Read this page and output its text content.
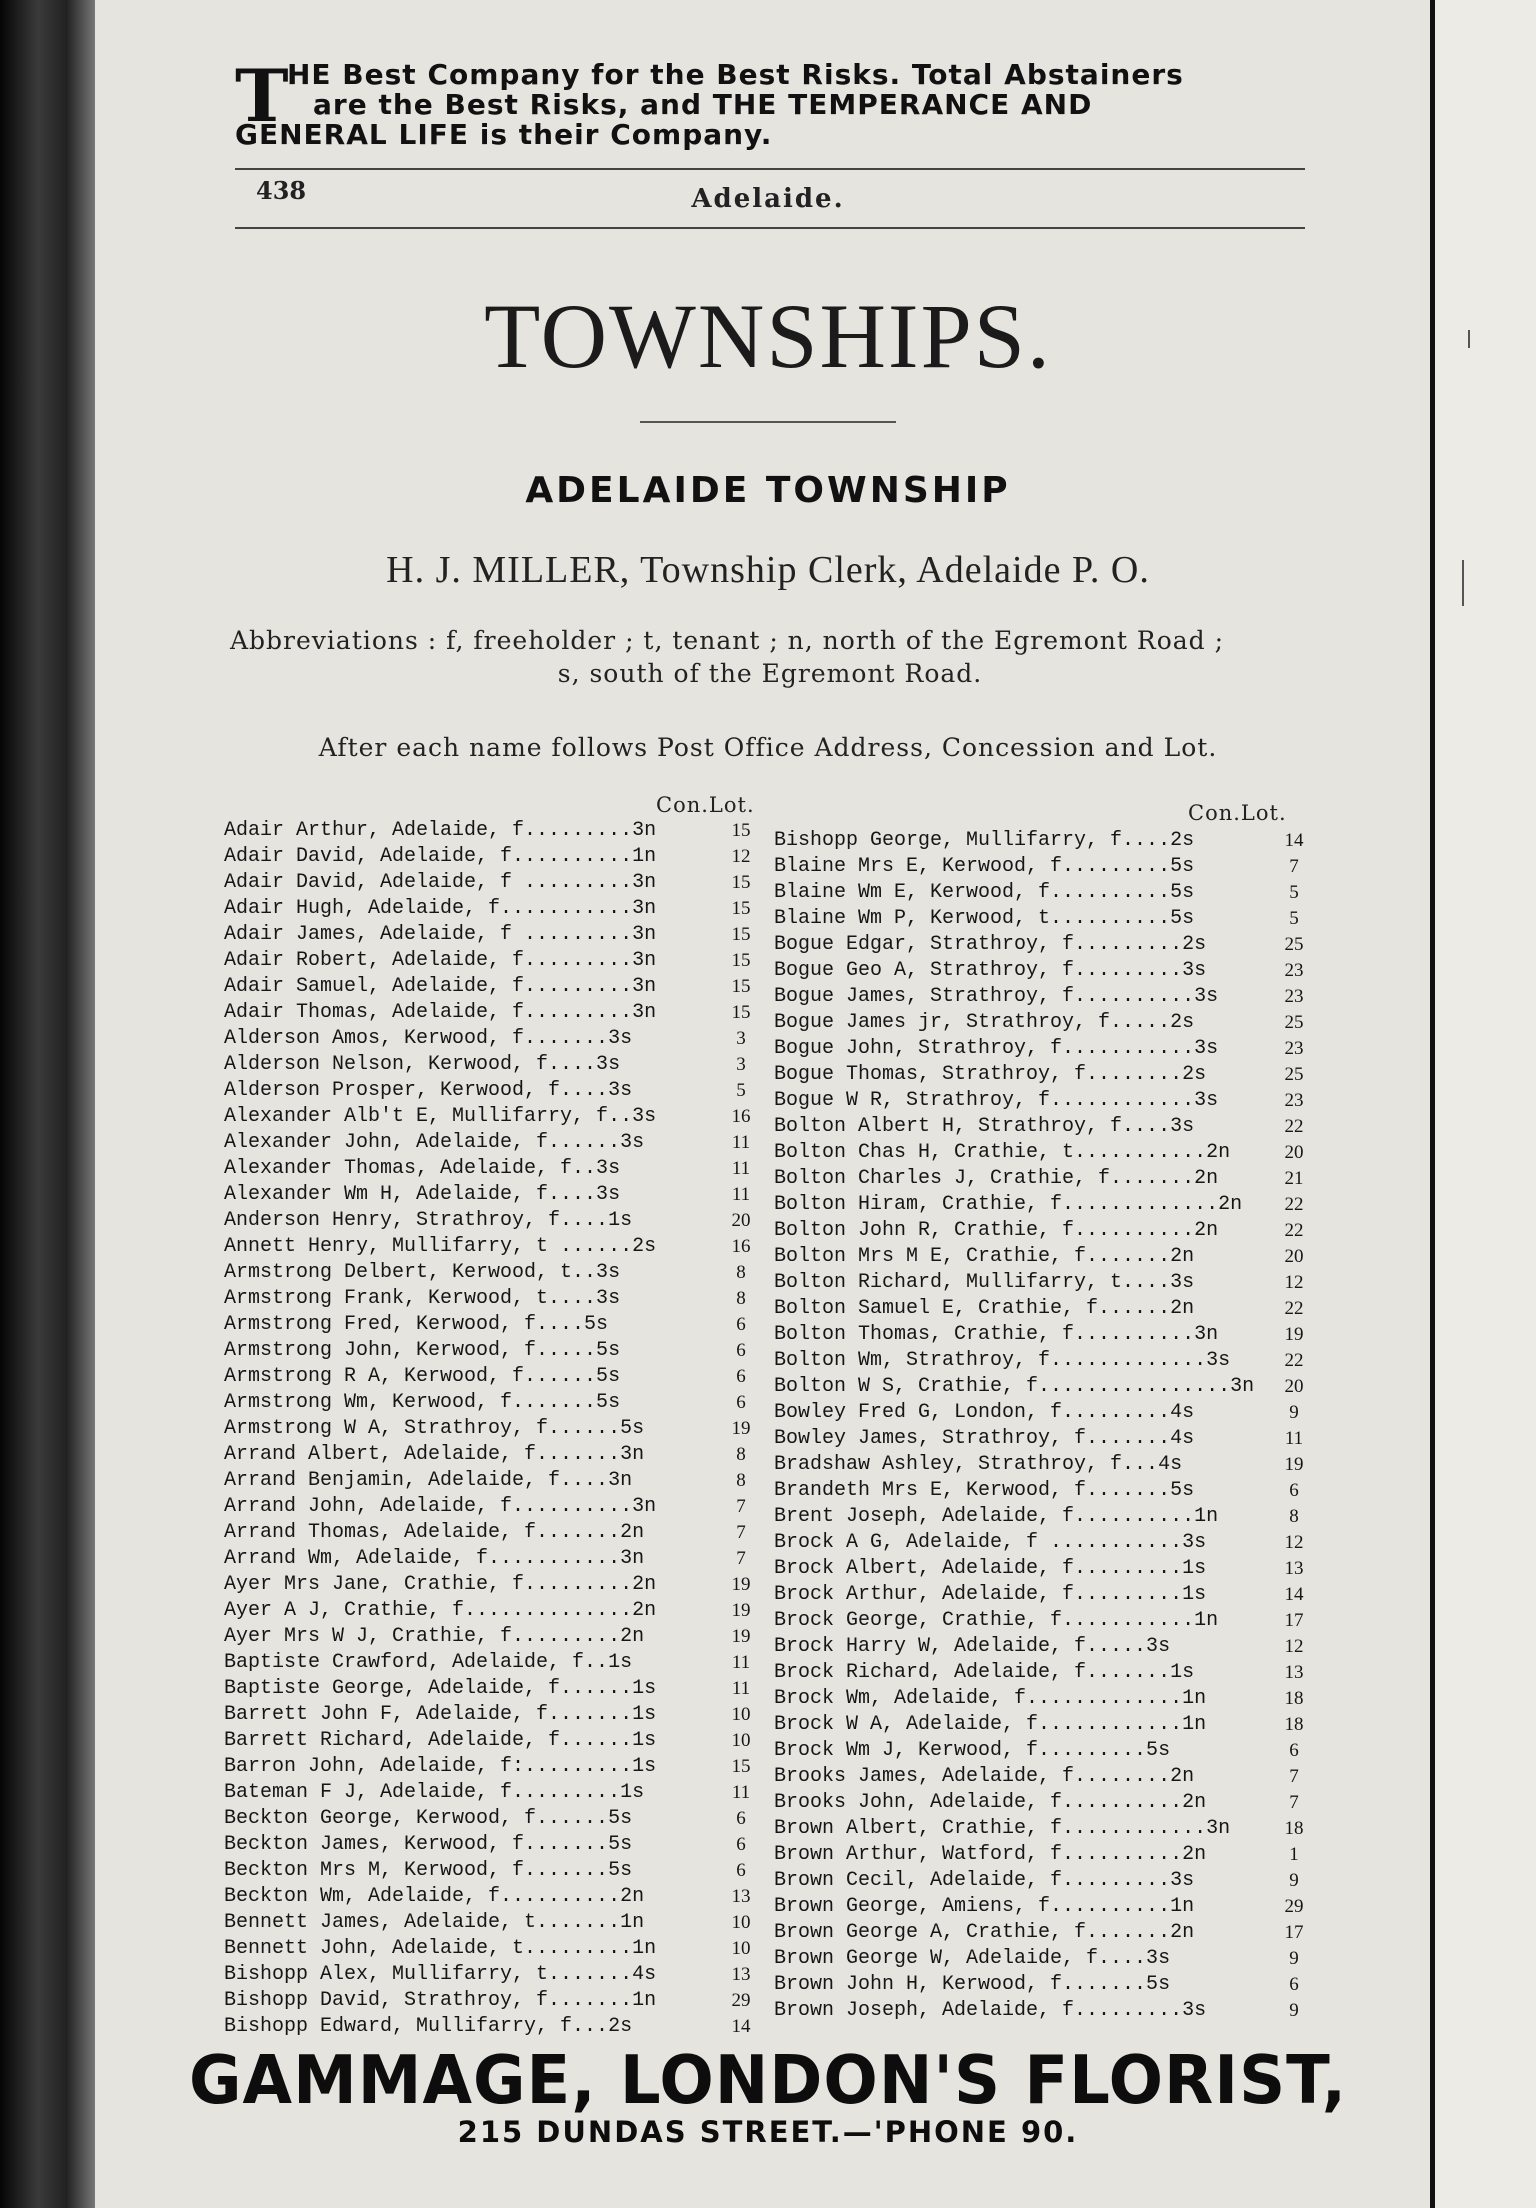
T
HE Best Company for the Best Risks. Total Abstainers
are the Best Risks, and THE TEMPERANCE AND
GENERAL LIFE is their Company.
438	Adelaide.
TOWNSHIPS.
ADELAIDE TOWNSHIP
H. J. MILLER, Township Clerk, Adelaide P. O.
Abbreviations : f, freeholder ; t, tenant ; n, north of the Egremont Road ;
s, south of the Egremont Road.
After each name follows Post Office Address, Concession and Lot.
Con.Lot.	Con.Lot.
Adair Arthur, Adelaide, f.........3n	15
Adair David, Adelaide, f..........1n	12
Adair David, Adelaide, f .........3n	15
Adair Hugh, Adelaide, f...........3n	15
Adair James, Adelaide, f .........3n	15
Adair Robert, Adelaide, f.........3n	15
Adair Samuel, Adelaide, f.........3n	15
Adair Thomas, Adelaide, f.........3n	15
Alderson Amos, Kerwood, f.......3s	3
Alderson Nelson, Kerwood, f....3s	3
Alderson Prosper, Kerwood, f....3s	5
Alexander Alb't E, Mullifarry, f..3s	16
Alexander John, Adelaide, f......3s	11
Alexander Thomas, Adelaide, f..3s	11
Alexander Wm H, Adelaide, f....3s	11
Anderson Henry, Strathroy, f....1s	20
Annett Henry, Mullifarry, t ......2s	16
Armstrong Delbert, Kerwood, t..3s	8
Armstrong Frank, Kerwood, t....3s	8
Armstrong Fred, Kerwood, f....5s	6
Armstrong John, Kerwood, f.....5s	6
Armstrong R A, Kerwood, f......5s	6
Armstrong Wm, Kerwood, f.......5s	6
Armstrong W A, Strathroy, f......5s	19
Arrand Albert, Adelaide, f.......3n	8
Arrand Benjamin, Adelaide, f....3n	8
Arrand John, Adelaide, f..........3n	7
Arrand Thomas, Adelaide, f.......2n	7
Arrand Wm, Adelaide, f...........3n	7
Ayer Mrs Jane, Crathie, f.........2n	19
Ayer A J, Crathie, f..............2n	19
Ayer Mrs W J, Crathie, f.........2n	19
Baptiste Crawford, Adelaide, f..1s	11
Baptiste George, Adelaide, f......1s	11
Barrett John F, Adelaide, f.......1s	10
Barrett Richard, Adelaide, f......1s	10
Barron John, Adelaide, f:.........1s	15
Bateman F J, Adelaide, f.........1s	11
Beckton George, Kerwood, f......5s	6
Beckton James, Kerwood, f.......5s	6
Beckton Mrs M, Kerwood, f.......5s	6
Beckton Wm, Adelaide, f..........2n	13
Bennett James, Adelaide, t.......1n	10
Bennett John, Adelaide, t.........1n	10
Bishopp Alex, Mullifarry, t.......4s	13
Bishopp David, Strathroy, f.......1n	29
Bishopp Edward, Mullifarry, f...2s	14
Bishopp George, Mullifarry, f....2s	14
Blaine Mrs E, Kerwood, f.........5s	7
Blaine Wm E, Kerwood, f..........5s	5
Blaine Wm P, Kerwood, t..........5s	5
Bogue Edgar, Strathroy, f.........2s	25
Bogue Geo A, Strathroy, f.........3s	23
Bogue James, Strathroy, f..........3s	23
Bogue James jr, Strathroy, f.....2s	25
Bogue John, Strathroy, f...........3s	23
Bogue Thomas, Strathroy, f........2s	25
Bogue W R, Strathroy, f............3s	23
Bolton Albert H, Strathroy, f....3s	22
Bolton Chas H, Crathie, t...........2n	20
Bolton Charles J, Crathie, f.......2n	21
Bolton Hiram, Crathie, f.............2n	22
Bolton John R, Crathie, f..........2n	22
Bolton Mrs M E, Crathie, f.......2n	20
Bolton Richard, Mullifarry, t....3s	12
Bolton Samuel E, Crathie, f......2n	22
Bolton Thomas, Crathie, f..........3n	19
Bolton Wm, Strathroy, f.............3s	22
Bolton W S, Crathie, f................3n	20
Bowley Fred G, London, f.........4s	9
Bowley James, Strathroy, f.......4s	11
Bradshaw Ashley, Strathroy, f...4s	19
Brandeth Mrs E, Kerwood, f.......5s	6
Brent Joseph, Adelaide, f..........1n	8
Brock A G, Adelaide, f ...........3s	12
Brock Albert, Adelaide, f.........1s	13
Brock Arthur, Adelaide, f.........1s	14
Brock George, Crathie, f...........1n	17
Brock Harry W, Adelaide, f.....3s	12
Brock Richard, Adelaide, f.......1s	13
Brock Wm, Adelaide, f.............1n	18
Brock W A, Adelaide, f............1n	18
Brock Wm J, Kerwood, f.........5s	6
Brooks James, Adelaide, f........2n	7
Brooks John, Adelaide, f..........2n	7
Brown Albert, Crathie, f............3n	18
Brown Arthur, Watford, f..........2n	1
Brown Cecil, Adelaide, f.........3s	9
Brown George, Amiens, f..........1n	29
Brown George A, Crathie, f.......2n	17
Brown George W, Adelaide, f....3s	9
Brown John H, Kerwood, f.......5s	6
Brown Joseph, Adelaide, f.........3s	9
GAMMAGE, LONDON'S FLORIST,
215 DUNDAS STREET.—'PHONE 90.
